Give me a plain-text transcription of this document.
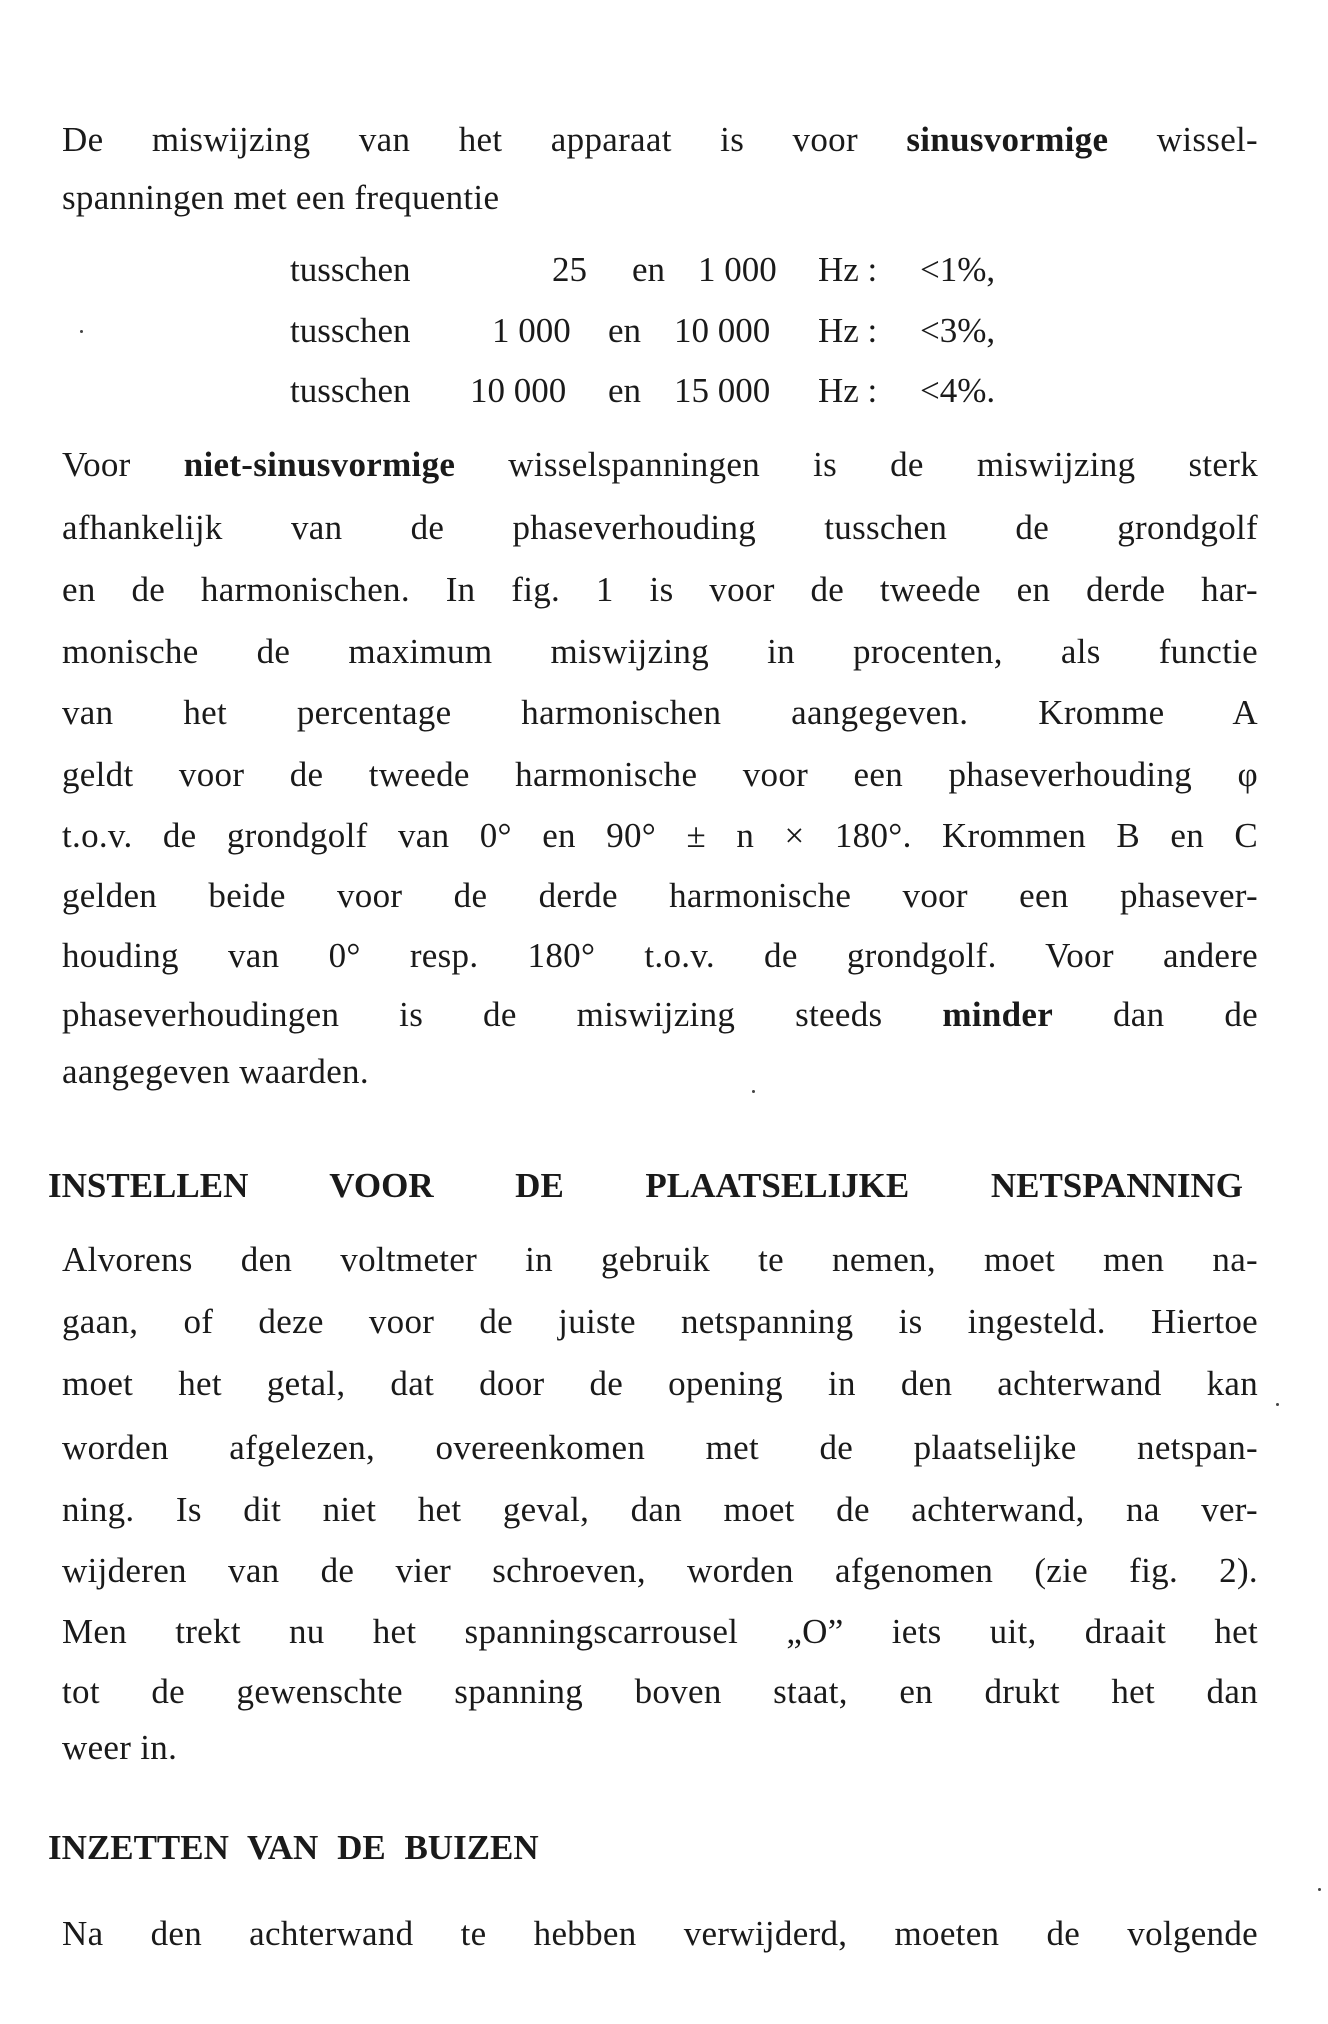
De miswijzing van het apparaat is voor sinusvormige wissel-
spanningen met een frequentie
tusschen	25 en 1 000 Hz : <1%,
tusschen 1 000 en 10 000 Hz : <3%,
tusschen 10 000 en 15 000 Hz : <4%.
Voor niet-sinusvormige wisselspanningen is de miswijzing sterk
afhankelijk van de phaseverhouding tusschen de grondgolf
en de harmonischen. In fig. 1 is voor de tweede en derde har-
monische de maximum miswijzing in procenten, als functie
van het percentage harmonischen aangegeven. Kromme A
geldt voor de tweede harmonische voor een phaseverhouding φ
t.o.v. de grondgolf van 0° en 90° ± n × 180°. Krommen B en C
gelden beide voor de derde harmonische voor een phasever-
houding van 0° resp. 180° t.o.v. de grondgolf. Voor andere
phaseverhoudingen is de miswijzing steeds minder dan de
aangegeven waarden.
INSTELLEN VOOR DE PLAATSELIJKE NETSPANNING
Alvorens den voltmeter in gebruik te nemen, moet men na-
gaan, of deze voor de juiste netspanning is ingesteld. Hiertoe
moet het getal, dat door de opening in den achterwand kan
worden afgelezen, overeenkomen met de plaatselijke netspan-
ning. Is dit niet het geval, dan moet de achterwand, na ver-
wijderen van de vier schroeven, worden afgenomen (zie fig. 2).
Men trekt nu het spanningscarrousel „O” iets uit, draait het
tot de gewenschte spanning boven staat, en drukt het dan
weer in.
INZETTEN VAN DE BUIZEN
Na den achterwand te hebben verwijderd, moeten de volgende
